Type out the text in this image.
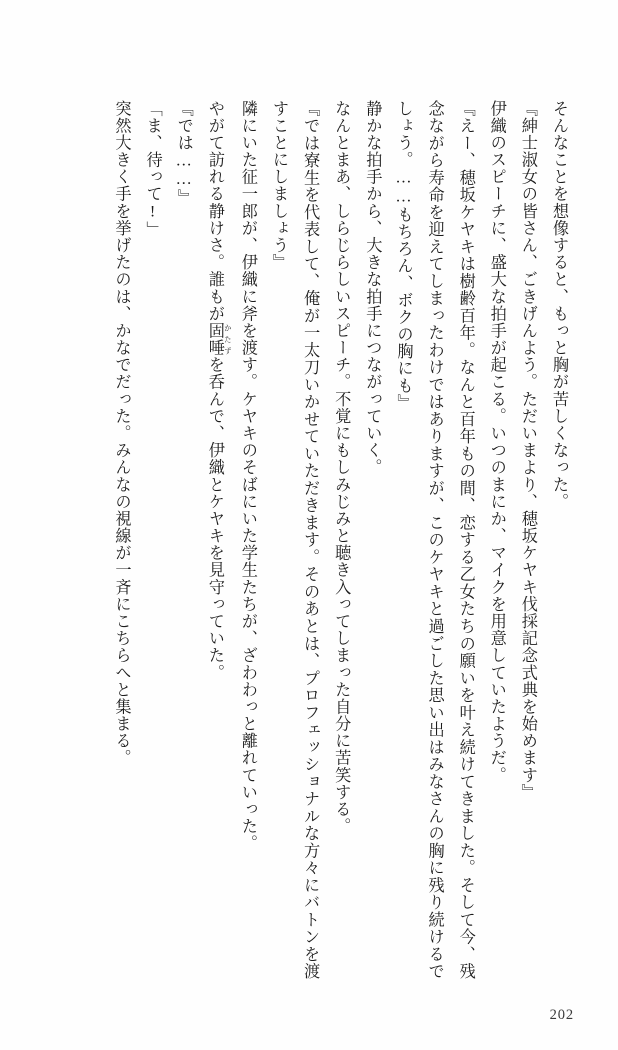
そんなことを想像すると、もっと胸が苦しくなった。

『紳士淑女の皆さん、ごきげんよう。ただいまより、穂坂ケヤキ伐採記念式典を始めます』

伊織のスピーチに、盛大な拍手が起こる。いつのまにか、マイクを用意していたようだ。

『えー、穂坂ケヤキは樹齢百年。なんと百年もの間、恋する乙女たちの願いを叶え続けてきました。そして今、残念ながら寿命を迎えてしまったわけではありますが、このケヤキと過ごした思い出はみなさんの胸に残り続けるでしょう。……もちろん、ボクの胸にも』

静かな拍手から、大きな拍手につながっていく。

なんとまあ、しらじらしいスピーチ。不覚にもしみじみと聴き入ってしまった自分に苦笑する。

『では寮生を代表して、俺が一太刀いかせていただきます。そのあとは、プロフェッショナルな方々にバトンを渡すことにしましょう』

隣にいた征一郎が、伊織に斧を渡す。ケヤキのそばにいた学生たちが、ざわわっと離れていった。

やがて訪れる静けさ。誰もが固唾 かたずを呑んで、伊織とケヤキを見守っていた。

『では……』

「ま、待って!」

突然大きく手を挙げたのは、かなでだった。みんなの視線が一斉にこちらへと集まる。

202
